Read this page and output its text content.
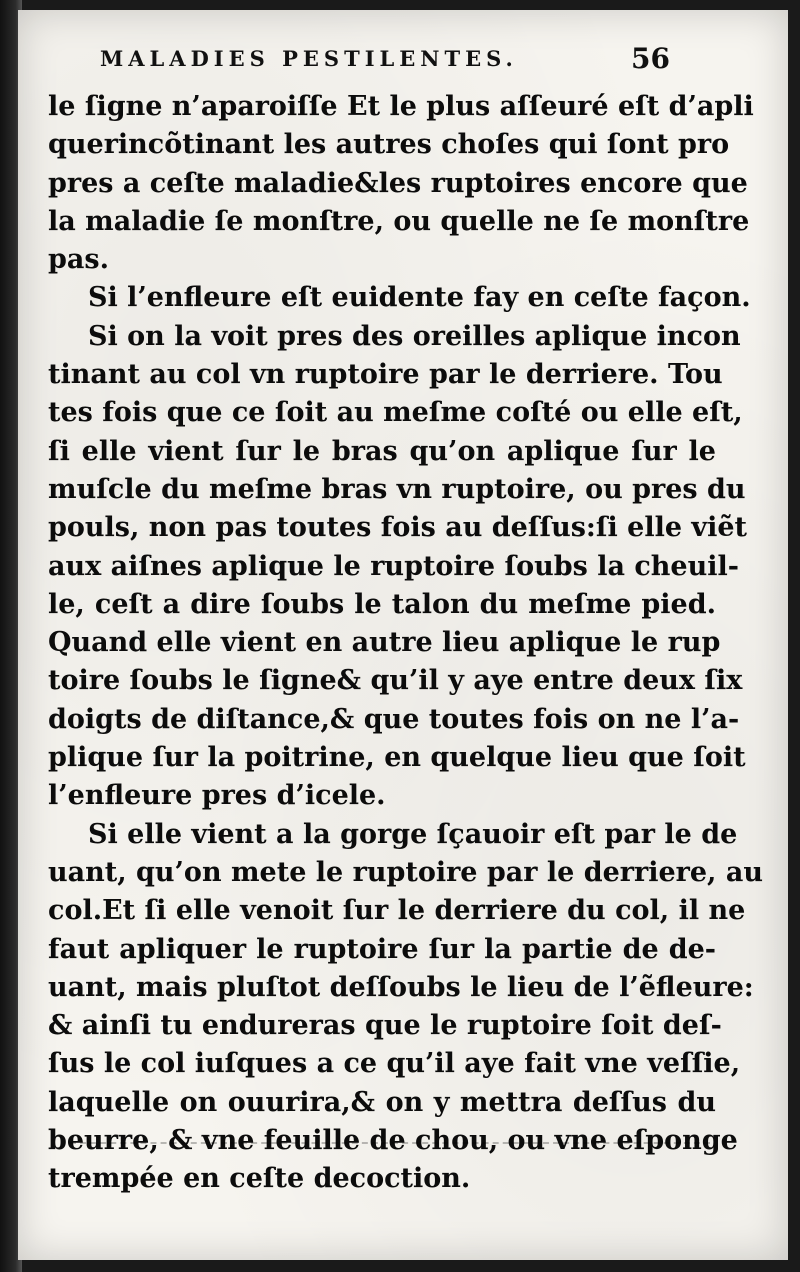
MALADIES PESTILENTES.	56
le ſigne n’aparoiſſe Et le plus aſſeuré eſt d’apli
querincõtinant les autres choſes qui ſont pro
pres a ceſte maladie&les ruptoires encore que
la maladie ſe monſtre, ou quelle ne ſe monſtre
pas.
Si l’enfleure eſt euidente fay en ceſte façon.
Si on la voit pres des oreilles aplique incon
tinant au col vn ruptoire par le derriere. Tou
tes fois que ce ſoit au meſme coſté ou elle eſt,
ſi elle vient ſur le bras qu’on aplique ſur le
muſcle du meſme bras vn ruptoire, ou pres du
pouls, non pas toutes fois au deſſus:ſi elle viẽt
aux aiſnes aplique le ruptoire ſoubs la cheuil-
le, ceſt a dire ſoubs le talon du meſme pied.
Quand elle vient en autre lieu aplique le rup
toire ſoubs le ſigne& qu’il y aye entre deux ſix
doigts de diſtance,& que toutes fois on ne l’a-
plique ſur la poitrine, en quelque lieu que ſoit
l’enfleure pres d’icele.
Si elle vient a la gorge ſçauoir eſt par le de
uant, qu’on mete le ruptoire par le derriere, au
col.Et ſi elle venoit ſur le derriere du col, il ne
faut apliquer le ruptoire ſur la partie de de-
uant, mais pluſtot deſſoubs le lieu de l’ẽfleure:
& ainſi tu endureras que le ruptoire ſoit deſ-
ſus le col iuſques a ce qu’il aye fait vne veſſie,
laquelle on ouurira,& on y mettra deſſus du
beurre, & vne feuille de chou, ou vne eſponge
trempée en ceſte decoction.
